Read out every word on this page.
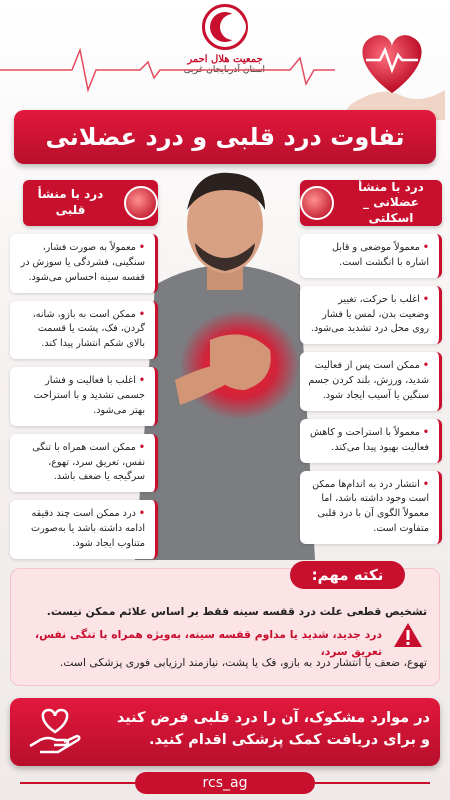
جمعیت هلال احمر
استان آذربایجان غربی
تفاوت درد قلبی و درد عضلانی
درد با منشأ قلبی
• معمولاً به صورت فشار، سنگینی، فشردگی یا سوزش در قفسه سینه احساس می‌شود.
• ممکن است به بازو، شانه، گردن، فک، پشت یا قسمت بالای شکم انتشار پیدا کند.
• اغلب با فعالیت و فشار جسمی تشدید و با استراحت بهتر می‌شود.
• ممکن است همراه با تنگی نفس، تعریق سرد، تهوع، سرگیجه یا ضعف باشد.
• درد ممکن است چند دقیقه ادامه داشته باشد یا به‌صورت متناوب ایجاد شود.
درد با منشأ
عضلانی _ اسکلتی
• معمولاً موضعی و قابل اشاره با انگشت است.
• اغلب با حرکت، تغییر وضعیت بدن، لمس یا فشار روی محل درد تشدید می‌شود.
• ممکن است پس از فعالیت شدید، ورزش، بلند کردن جسم سنگین یا آسیب ایجاد شود.
• معمولاً با استراحت و کاهش فعالیت بهبود پیدا می‌کند.
• انتشار درد به اندام‌ها ممکن است وجود داشته باشد، اما معمولاً الگوی آن با درد قلبی متفاوت است.
نکته مهم:
تشخیص قطعی علت درد قفسه سینه فقط بر اساس علائم ممکن نیست.
درد جدید، شدید یا مداوم قفسه سینه، به‌ویژه همراه با تنگی نفس، تعریق سرد،
تهوع، ضعف یا انتشار درد به بازو، فک یا پشت، نیازمند ارزیابی فوری پزشکی است.
در موارد مشکوک، آن را درد قلبی فرض کنید
و برای دریافت کمک پزشکی اقدام کنید.
rcs_ag
